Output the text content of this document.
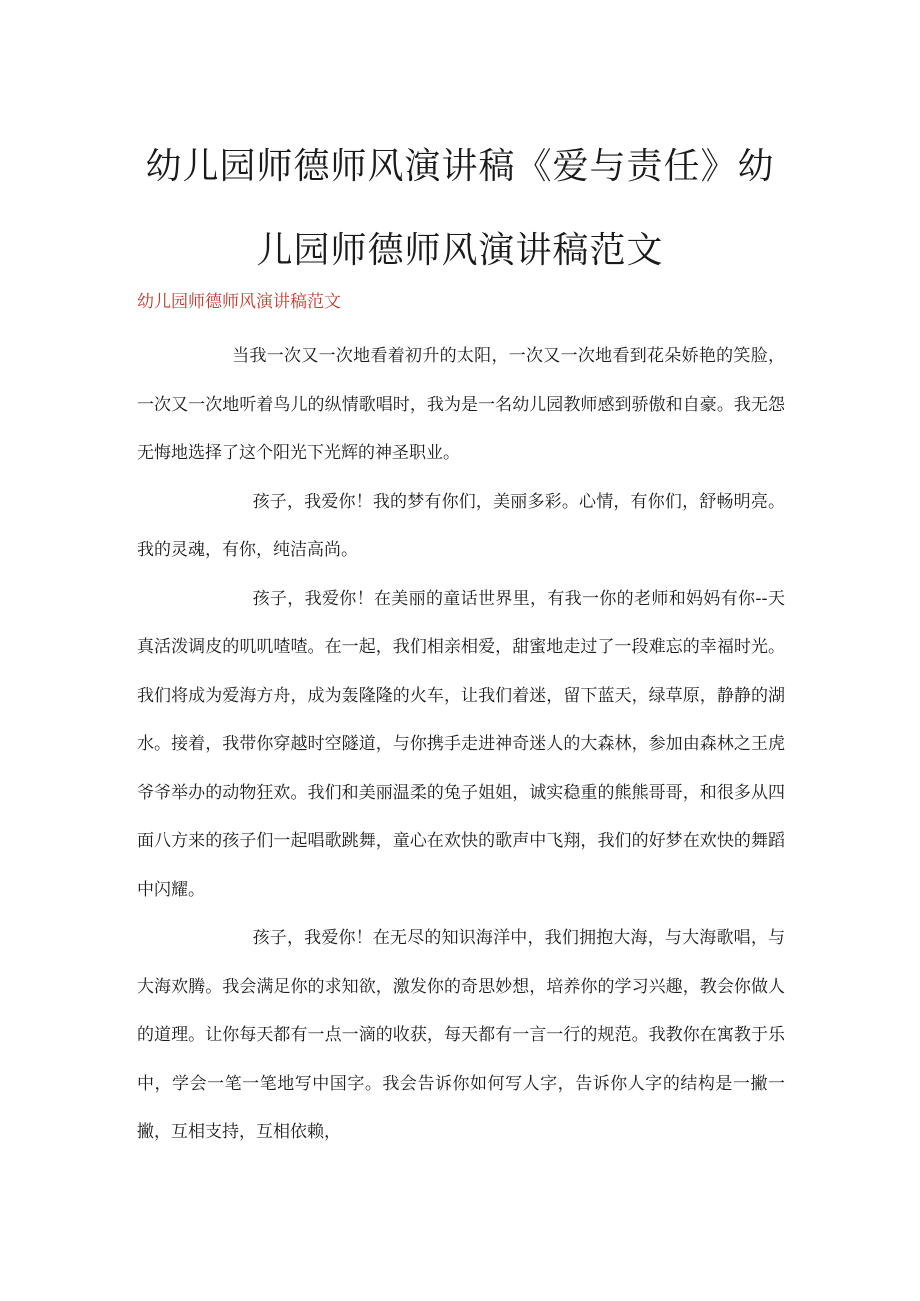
幼儿园师德师风演讲稿《爱与责任》幼
儿园师德师风演讲稿范文
幼儿园师德师风演讲稿范文

当我一次又一次地看着初升的太阳，一次又一次地看到花朵娇艳的笑脸，一次又一次地听着鸟儿的纵情歌唱时，我为是一名幼儿园教师感到骄傲和自豪。我无怨无悔地选择了这个阳光下光辉的神圣职业。

孩子，我爱你！我的梦有你们，美丽多彩。心情，有你们，舒畅明亮。我的灵魂，有你，纯洁高尚。

孩子，我爱你！在美丽的童话世界里，有我一你的老师和妈妈有你--天真活泼调皮的叽叽喳喳。在一起，我们相亲相爱，甜蜜地走过了一段难忘的幸福时光。我们将成为爱海方舟，成为轰隆隆的火车，让我们着迷，留下蓝天，绿草原，静静的湖水。接着，我带你穿越时空隧道，与你携手走进神奇迷人的大森林，参加由森林之王虎爷爷举办的动物狂欢。我们和美丽温柔的兔子姐姐，诚实稳重的熊熊哥哥，和很多从四面八方来的孩子们一起唱歌跳舞，童心在欢快的歌声中飞翔，我们的好梦在欢快的舞蹈中闪耀。

孩子，我爱你！在无尽的知识海洋中，我们拥抱大海，与大海歌唱，与大海欢腾。我会满足你的求知欲，激发你的奇思妙想，培养你的学习兴趣，教会你做人的道理。让你每天都有一点一滴的收获，每天都有一言一行的规范。我教你在寓教于乐中，学会一笔一笔地写中国字。我会告诉你如何写人字，告诉你人字的结构是一撇一撇，互相支持，互相依赖，
